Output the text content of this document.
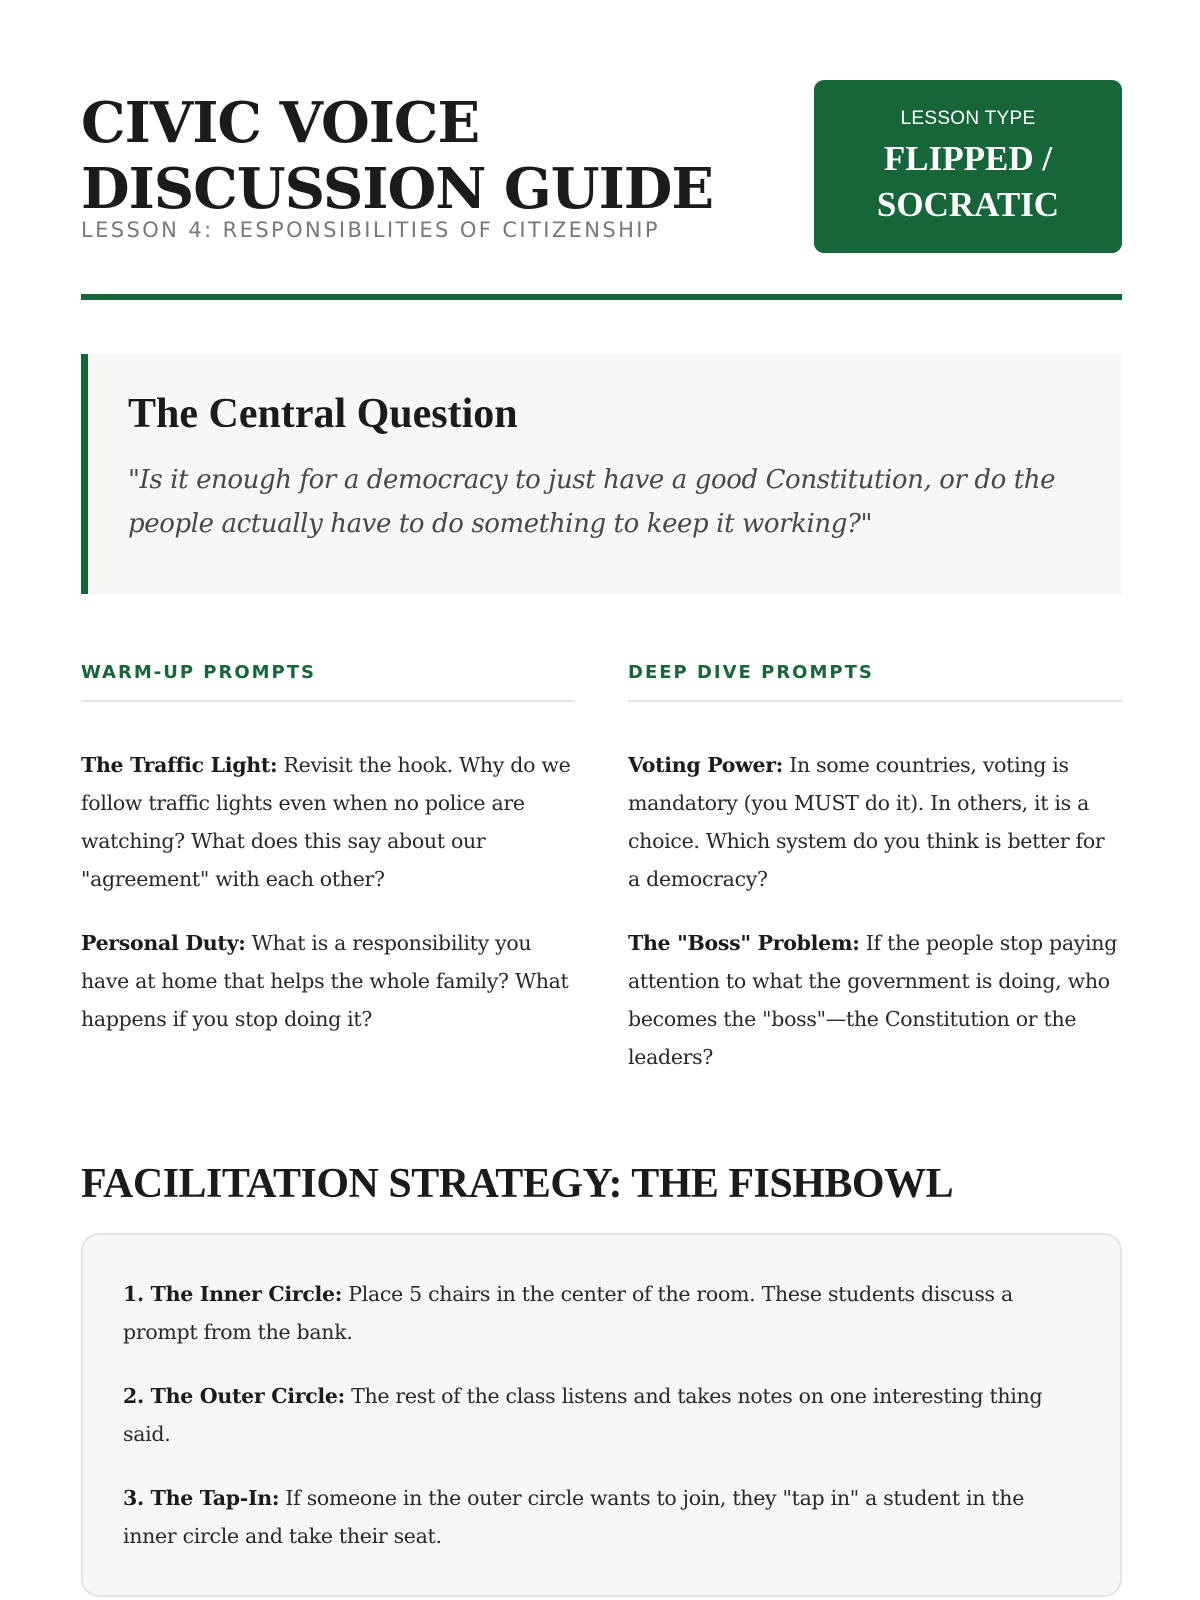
CIVIC VOICE
DISCUSSION GUIDE
LESSON 4: RESPONSIBILITIES OF CITIZENSHIP
LESSON TYPE
FLIPPED /
SOCRATIC
The Central Question
"Is it enough for a democracy to just have a good Constitution, or do the people actually have to do something to keep it working?"
WARM-UP PROMPTS

The Traffic Light: Revisit the hook. Why do we follow traffic lights even when no police are watching? What does this say about our "agreement" with each other?

Personal Duty: What is a responsibility you have at home that helps the whole family? What happens if you stop doing it?

DEEP DIVE PROMPTS

Voting Power: In some countries, voting is mandatory (you MUST do it). In others, it is a choice. Which system do you think is better for a democracy?

The "Boss" Problem: If the people stop paying attention to what the government is doing, who becomes the "boss"—the Constitution or the leaders?

FACILITATION STRATEGY: THE FISHBOWL

1. The Inner Circle: Place 5 chairs in the center of the room. These students discuss a prompt from the bank.

2. The Outer Circle: The rest of the class listens and takes notes on one interesting thing said.

3. The Tap-In: If someone in the outer circle wants to join, they "tap in" a student in the inner circle and take their seat.
